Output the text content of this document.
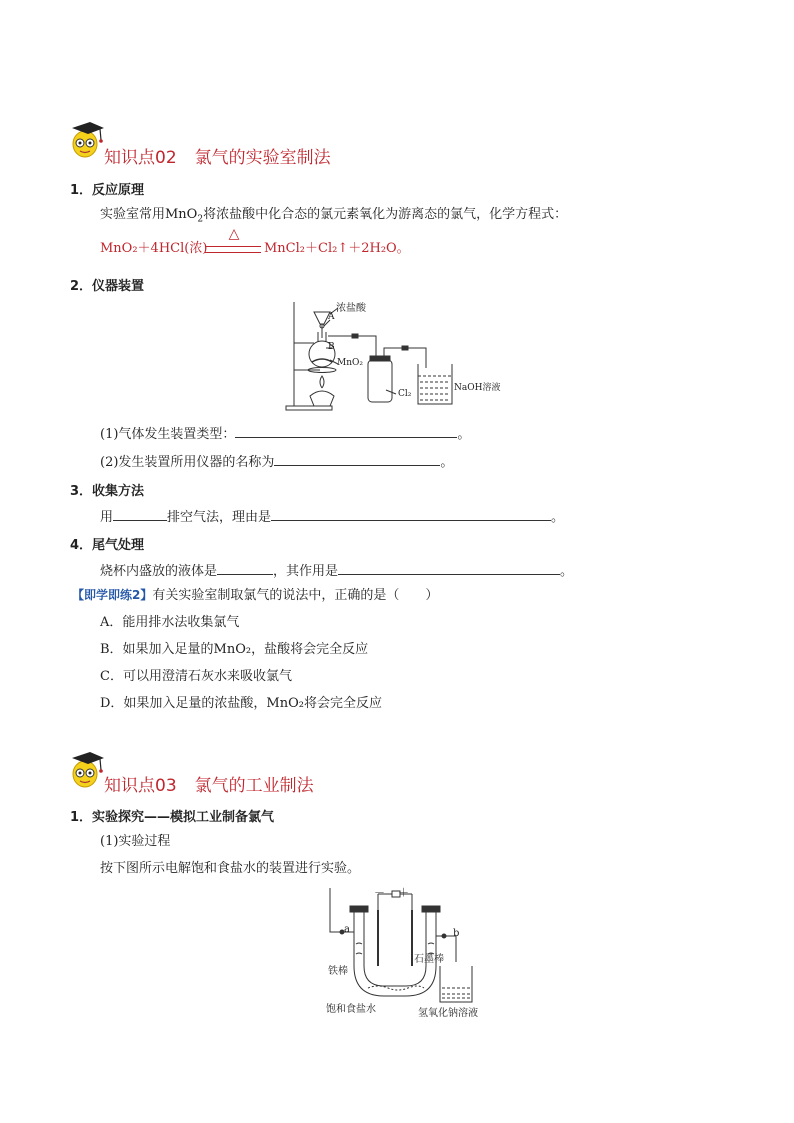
知识点02 氯气的实验室制法
1．反应原理
实验室常用MnO$_2$将浓盐酸中化合态的氯元素氧化为游离态的氯气，化学方程式：
MnO₂＋4HCl(浓)
△
MnCl₂＋Cl₂↑＋2H₂O。
2．仪器装置
浓盐酸
A
B
MnO₂
Cl₂
NaOH溶液
(1)气体发生装置类型：	。
(2)发生装置所用仪器的名称为	。
3．收集方法
用	排空气法，理由是	。
4．尾气处理
烧杯内盛放的液体是	，其作用是	。
【即学即练2】有关实验室制取氯气的说法中，正确的是（　　）
A．能用排水法收集氯气
B．如果加入足量的MnO₂，盐酸将会完全反应
C．可以用澄清石灰水来吸收氯气
D．如果加入足量的浓盐酸，MnO₂将会完全反应
知识点03 氯气的工业制法
1．实验探究——模拟工业制备氯气
(1)实验过程
按下图所示电解饱和食盐水的装置进行实验。
－ ＋
a	b
铁棒
石墨棒
饱和食盐水	氢氧化钠溶液
